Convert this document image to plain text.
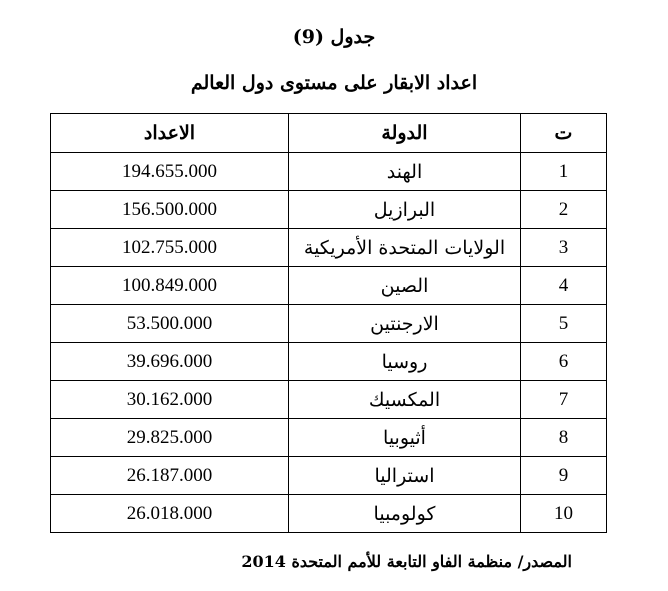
جدول (9)
اعداد الابقار على مستوى دول العالم
ت	الدولة	الاعداد
1	الهند	194.655.000
2	البرازيل	156.500.000
3	الولايات المتحدة الأمريكية	102.755.000
4	الصين	100.849.000
5	الارجنتين	53.500.000
6	روسيا	39.696.000
7	المكسيك	30.162.000
8	أثيوبيا	29.825.000
9	استراليا	26.187.000
10	كولومبيا	26.018.000
المصدر/ منظمة الفاو التابعة للأمم المتحدة 2014
